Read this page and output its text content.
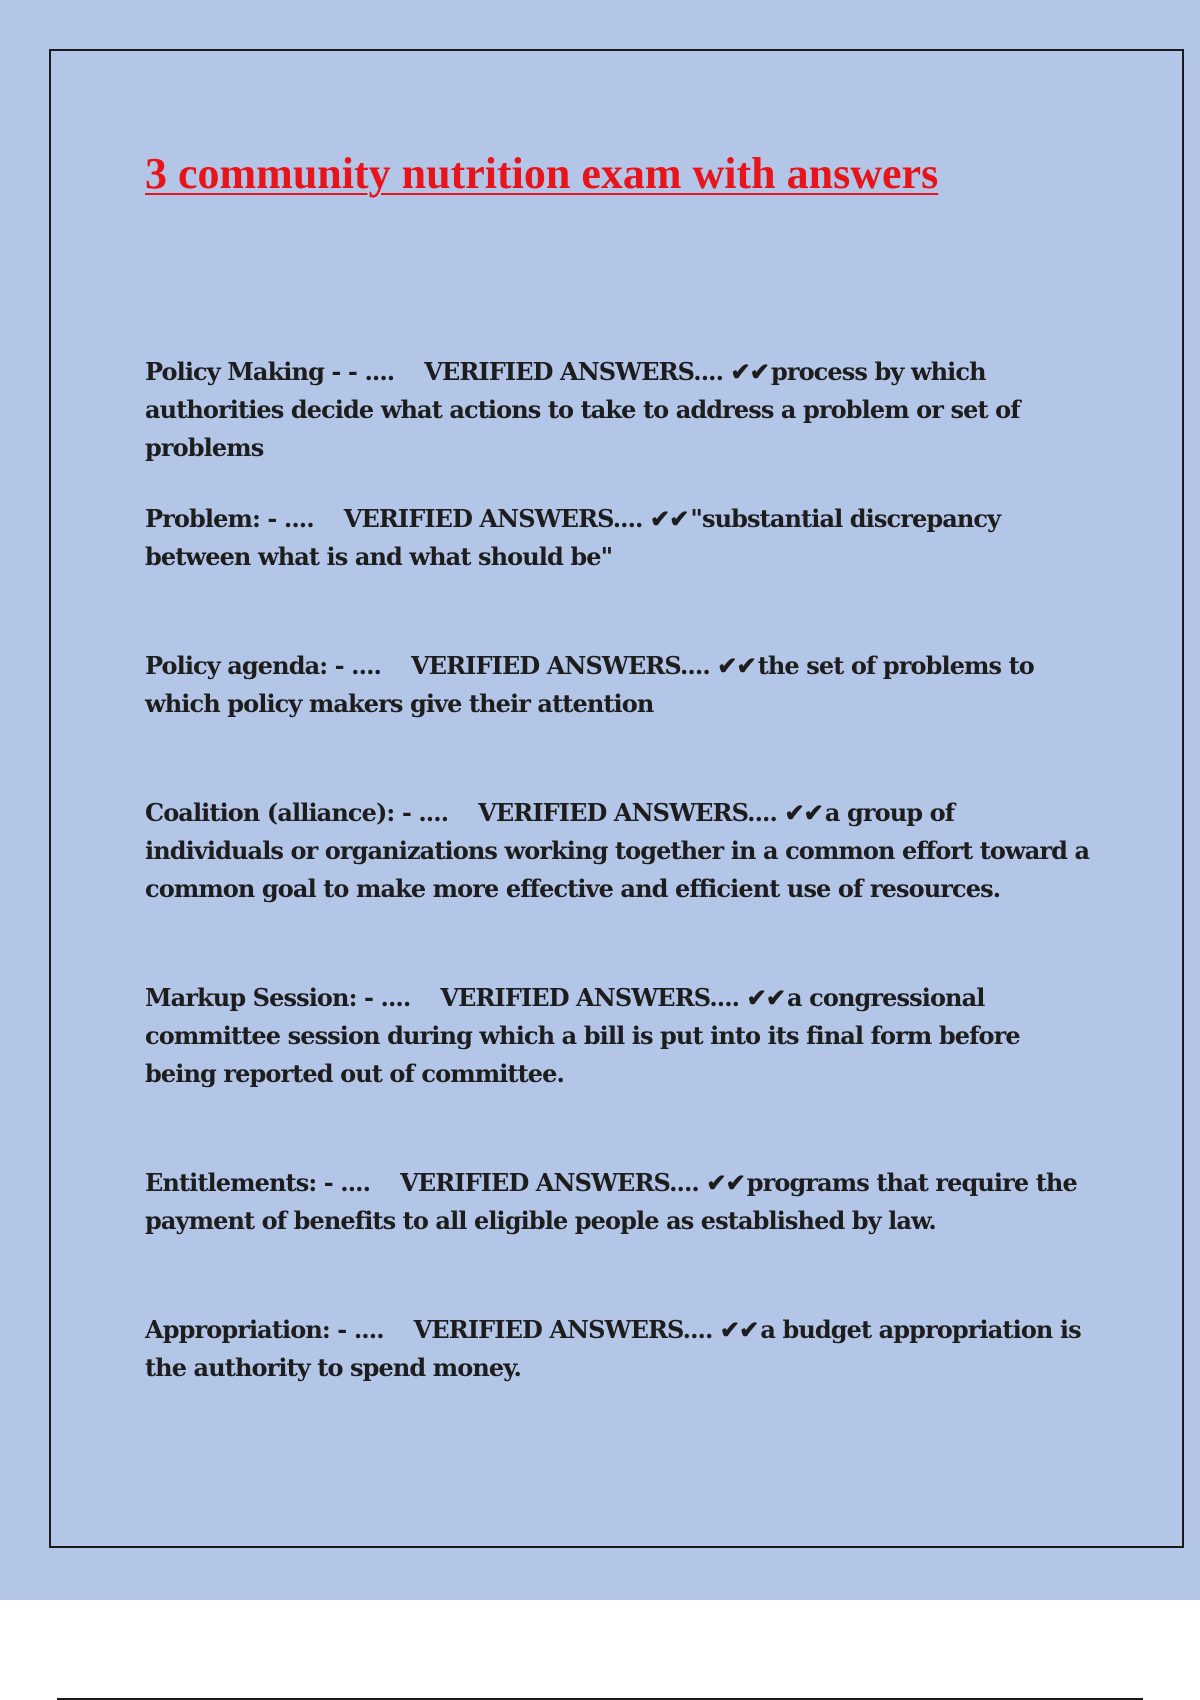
3 community nutrition exam with answers

Policy Making - - .... VERIFIED ANSWERS.... ✔✔process by which authorities decide what actions to take to address a problem or set of problems

Problem: - .... VERIFIED ANSWERS.... ✔✔"substantial discrepancy between what is and what should be"

Policy agenda: - .... VERIFIED ANSWERS.... ✔✔the set of problems to which policy makers give their attention

Coalition (alliance): - .... VERIFIED ANSWERS.... ✔✔a group of individuals or organizations working together in a common effort toward a common goal to make more effective and efficient use of resources.

Markup Session: - .... VERIFIED ANSWERS.... ✔✔a congressional committee session during which a bill is put into its final form before being reported out of committee.

Entitlements: - .... VERIFIED ANSWERS.... ✔✔programs that require the payment of benefits to all eligible people as established by law.

Appropriation: - .... VERIFIED ANSWERS.... ✔✔a budget appropriation is the authority to spend money.
